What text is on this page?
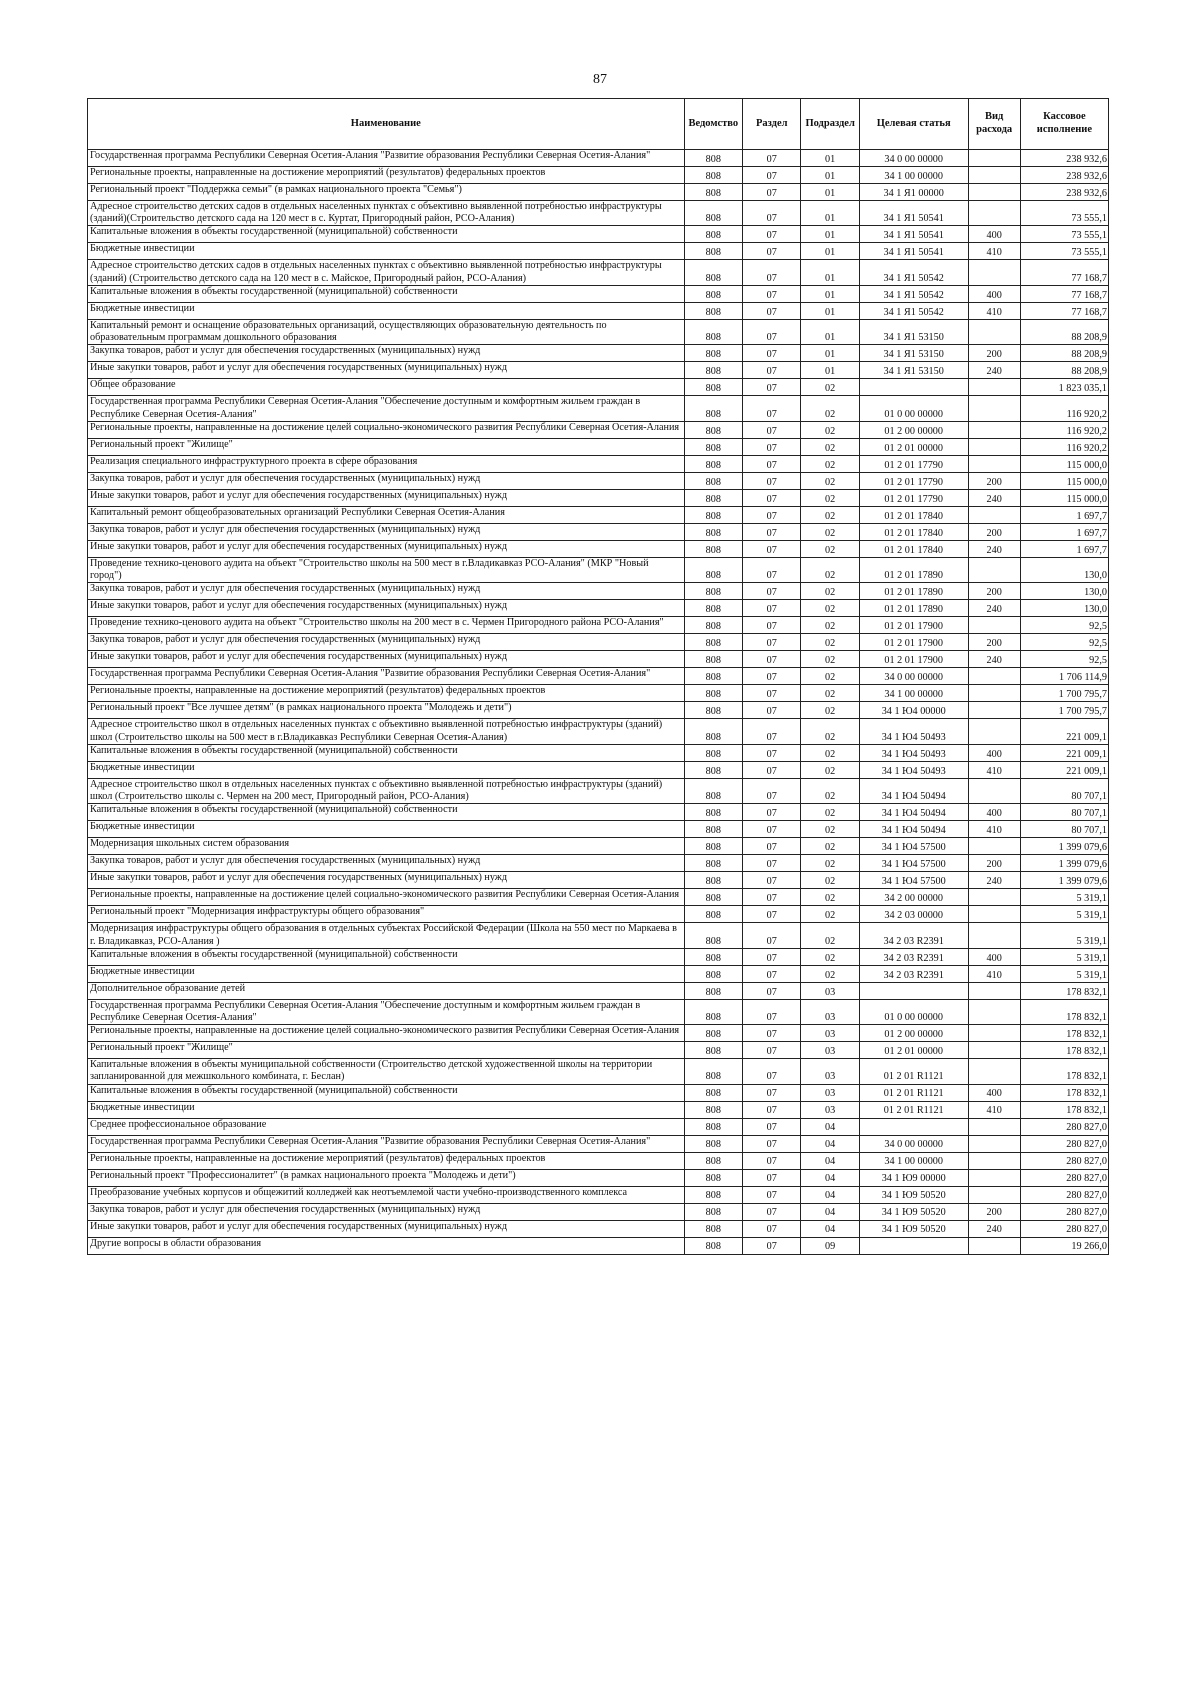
87
Наименование	Ведомство	Раздел	Подраздел	Целевая статья	Вид расхода	Кассовое исполнение
Государственная программа Республики Северная Осетия-Алания "Развитие образования Республики Северная Осетия-Алания"	808	07	01	34 0 00 00000		238 932,6
Региональные проекты, направленные на достижение мероприятий (результатов) федеральных проектов	808	07	01	34 1 00 00000		238 932,6
Региональный проект "Поддержка семьи" (в рамках национального проекта "Семья")	808	07	01	34 1 Я1 00000		238 932,6
Адресное строительство детских садов в отдельных населенных пунктах с объективно выявленной потребностью инфраструктуры (зданий)(Строительство детского сада на 120 мест в с. Куртат, Пригородный район, РСО-Алания)	808	07	01	34 1 Я1 50541		73 555,1
Капитальные вложения в объекты государственной (муниципальной) собственности	808	07	01	34 1 Я1 50541	400	73 555,1
Бюджетные инвестиции	808	07	01	34 1 Я1 50541	410	73 555,1
Адресное строительство детских садов в отдельных населенных пунктах с объективно выявленной потребностью инфраструктуры (зданий) (Строительство детского сада на 120 мест в с. Майское, Пригородный район, РСО-Алания)	808	07	01	34 1 Я1 50542		77 168,7
Капитальные вложения в объекты государственной (муниципальной) собственности	808	07	01	34 1 Я1 50542	400	77 168,7
Бюджетные инвестиции	808	07	01	34 1 Я1 50542	410	77 168,7
Капитальный ремонт и оснащение образовательных организаций, осуществляющих образовательную деятельность по образовательным программам дошкольного образования	808	07	01	34 1 Я1 53150		88 208,9
Закупка товаров, работ и услуг для обеспечения государственных (муниципальных) нужд	808	07	01	34 1 Я1 53150	200	88 208,9
Иные закупки товаров, работ и услуг для обеспечения государственных (муниципальных) нужд	808	07	01	34 1 Я1 53150	240	88 208,9
Общее образование	808	07	02			1 823 035,1
Государственная программа Республики Северная Осетия-Алания "Обеспечение доступным и комфортным жильем граждан в Республике Северная Осетия-Алания"	808	07	02	01 0 00 00000		116 920,2
Региональные проекты, направленные на достижение целей социально-экономического развития Республики Северная Осетия-Алания	808	07	02	01 2 00 00000		116 920,2
Региональный проект "Жилище"	808	07	02	01 2 01 00000		116 920,2
Реализация специального инфраструктурного проекта в сфере образования	808	07	02	01 2 01 17790		115 000,0
Закупка товаров, работ и услуг для обеспечения государственных (муниципальных) нужд	808	07	02	01 2 01 17790	200	115 000,0
Иные закупки товаров, работ и услуг для обеспечения государственных (муниципальных) нужд	808	07	02	01 2 01 17790	240	115 000,0
Капитальный ремонт общеобразовательных организаций Республики Северная Осетия-Алания	808	07	02	01 2 01 17840		1 697,7
Закупка товаров, работ и услуг для обеспечения государственных (муниципальных) нужд	808	07	02	01 2 01 17840	200	1 697,7
Иные закупки товаров, работ и услуг для обеспечения государственных (муниципальных) нужд	808	07	02	01 2 01 17840	240	1 697,7
Проведение технико-ценового аудита на объект "Строительство школы на 500 мест в г.Владикавказ РСО-Алания" (МКР "Новый город")	808	07	02	01 2 01 17890		130,0
Закупка товаров, работ и услуг для обеспечения государственных (муниципальных) нужд	808	07	02	01 2 01 17890	200	130,0
Иные закупки товаров, работ и услуг для обеспечения государственных (муниципальных) нужд	808	07	02	01 2 01 17890	240	130,0
Проведение технико-ценового аудита на объект "Строительство школы на 200 мест в с. Чермен Пригородного района РСО-Алания"	808	07	02	01 2 01 17900		92,5
Закупка товаров, работ и услуг для обеспечения государственных (муниципальных) нужд	808	07	02	01 2 01 17900	200	92,5
Иные закупки товаров, работ и услуг для обеспечения государственных (муниципальных) нужд	808	07	02	01 2 01 17900	240	92,5
Государственная программа Республики Северная Осетия-Алания "Развитие образования Республики Северная Осетия-Алания"	808	07	02	34 0 00 00000		1 706 114,9
Региональные проекты, направленные на достижение мероприятий (результатов) федеральных проектов	808	07	02	34 1 00 00000		1 700 795,7
Региональный проект "Все лучшее детям" (в рамках национального проекта "Молодежь и дети")	808	07	02	34 1 Ю4 00000		1 700 795,7
Адресное строительство школ в отдельных населенных пунктах с объективно выявленной потребностью инфраструктуры (зданий) школ (Строительство школы на 500 мест в г.Владикавказ Республики Северная Осетия-Алания)	808	07	02	34 1 Ю4 50493		221 009,1
Капитальные вложения в объекты государственной (муниципальной) собственности	808	07	02	34 1 Ю4 50493	400	221 009,1
Бюджетные инвестиции	808	07	02	34 1 Ю4 50493	410	221 009,1
Адресное строительство школ в отдельных населенных пунктах с объективно выявленной потребностью инфраструктуры (зданий) школ (Строительство школы с. Чермен на 200 мест, Пригородный район, РСО-Алания)	808	07	02	34 1 Ю4 50494		80 707,1
Капитальные вложения в объекты государственной (муниципальной) собственности	808	07	02	34 1 Ю4 50494	400	80 707,1
Бюджетные инвестиции	808	07	02	34 1 Ю4 50494	410	80 707,1
Модернизация школьных систем образования	808	07	02	34 1 Ю4 57500		1 399 079,6
Закупка товаров, работ и услуг для обеспечения государственных (муниципальных) нужд	808	07	02	34 1 Ю4 57500	200	1 399 079,6
Иные закупки товаров, работ и услуг для обеспечения государственных (муниципальных) нужд	808	07	02	34 1 Ю4 57500	240	1 399 079,6
Региональные проекты, направленные на достижение целей социально-экономического развития Республики Северная Осетия-Алания	808	07	02	34 2 00 00000		5 319,1
Региональный проект "Модернизация инфраструктуры общего образования"	808	07	02	34 2 03 00000		5 319,1
Модернизация инфраструктуры общего образования в отдельных субъектах Российской Федерации (Школа на 550 мест по Маркаева в г. Владикавказ, РСО-Алания )	808	07	02	34 2 03 R2391		5 319,1
Капитальные вложения в объекты государственной (муниципальной) собственности	808	07	02	34 2 03 R2391	400	5 319,1
Бюджетные инвестиции	808	07	02	34 2 03 R2391	410	5 319,1
Дополнительное образование детей	808	07	03			178 832,1
Государственная программа Республики Северная Осетия-Алания "Обеспечение доступным и комфортным жильем граждан в Республике Северная Осетия-Алания"	808	07	03	01 0 00 00000		178 832,1
Региональные проекты, направленные на достижение целей социально-экономического развития Республики Северная Осетия-Алания	808	07	03	01 2 00 00000		178 832,1
Региональный проект "Жилище"	808	07	03	01 2 01 00000		178 832,1
Капитальные вложения в объекты муниципальной собственности (Строительство детской художественной школы на территории запланированной для межшкольного комбината, г. Беслан)	808	07	03	01 2 01 R1121		178 832,1
Капитальные вложения в объекты государственной (муниципальной) собственности	808	07	03	01 2 01 R1121	400	178 832,1
Бюджетные инвестиции	808	07	03	01 2 01 R1121	410	178 832,1
Среднее профессиональное образование	808	07	04			280 827,0
Государственная программа Республики Северная Осетия-Алания "Развитие образования Республики Северная Осетия-Алания"	808	07	04	34 0 00 00000		280 827,0
Региональные проекты, направленные на достижение мероприятий (результатов) федеральных проектов	808	07	04	34 1 00 00000		280 827,0
Региональный проект "Профессионалитет" (в рамках национального проекта "Молодежь и дети")	808	07	04	34 1 Ю9 00000		280 827,0
Преобразование учебных корпусов и общежитий колледжей как неотъемлемой части учебно-производственного комплекса	808	07	04	34 1 Ю9 50520		280 827,0
Закупка товаров, работ и услуг для обеспечения государственных (муниципальных) нужд	808	07	04	34 1 Ю9 50520	200	280 827,0
Иные закупки товаров, работ и услуг для обеспечения государственных (муниципальных) нужд	808	07	04	34 1 Ю9 50520	240	280 827,0
Другие вопросы в области образования	808	07	09			19 266,0
